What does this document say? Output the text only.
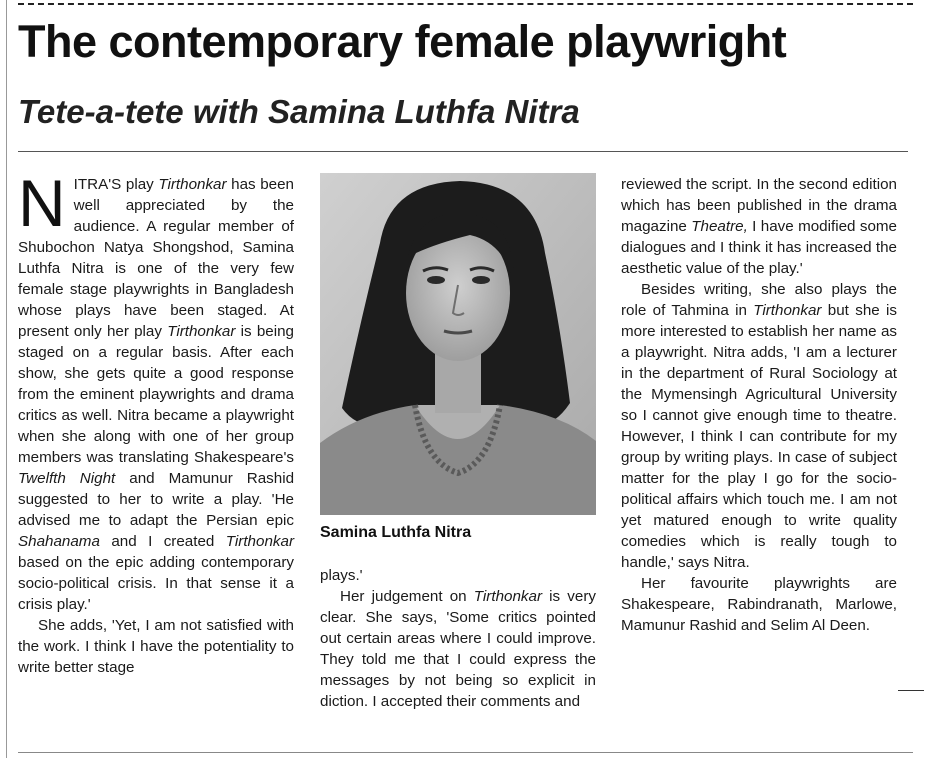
The contemporary female playwright
Tete-a-tete with Samina Luthfa Nitra

NITRA'S play Tirthonkar has been well appreciated by the audience. A regular member of Shubochon Natya Shongshod, Samina Luthfa Nitra is one of the very few female stage playwrights in Bangladesh whose plays have been staged. At present only her play Tirthonkar is being staged on a regular basis. After each show, she gets quite a good response from the eminent playwrights and drama critics as well. Nitra became a playwright when she along with one of her group members was translating Shakespeare's Twelfth Night and Mamunur Rashid suggested to her to write a play. 'He advised me to adapt the Persian epic Shahanama and I created Tirthonkar based on the epic adding contemporary socio-political crisis. In that sense it a crisis play.'

She adds, 'Yet, I am not satisfied with the work. I think I have the potentiality to write better stage

Samina Luthfa Nitra

plays.'

Her judgement on Tirthonkar is very clear. She says, 'Some critics pointed out certain areas where I could improve. They told me that I could express the messages by not being so explicit in diction. I accepted their comments and

reviewed the script. In the second edition which has been published in the drama magazine Theatre, I have modified some dialogues and I think it has increased the aesthetic value of the play.'

Besides writing, she also plays the role of Tahmina in Tirthonkar but she is more interested to establish her name as a playwright. Nitra adds, 'I am a lecturer in the department of Rural Sociology at the Mymensingh Agricultural University so I cannot give enough time to theatre. However, I think I can contribute for my group by writing plays. In case of subject matter for the play I go for the socio-political affairs which touch me. I am not yet matured enough to write quality comedies which is really tough to handle,' says Nitra.

Her favourite playwrights are Shakespeare, Rabindranath, Marlowe, Mamunur Rashid and Selim Al Deen.
